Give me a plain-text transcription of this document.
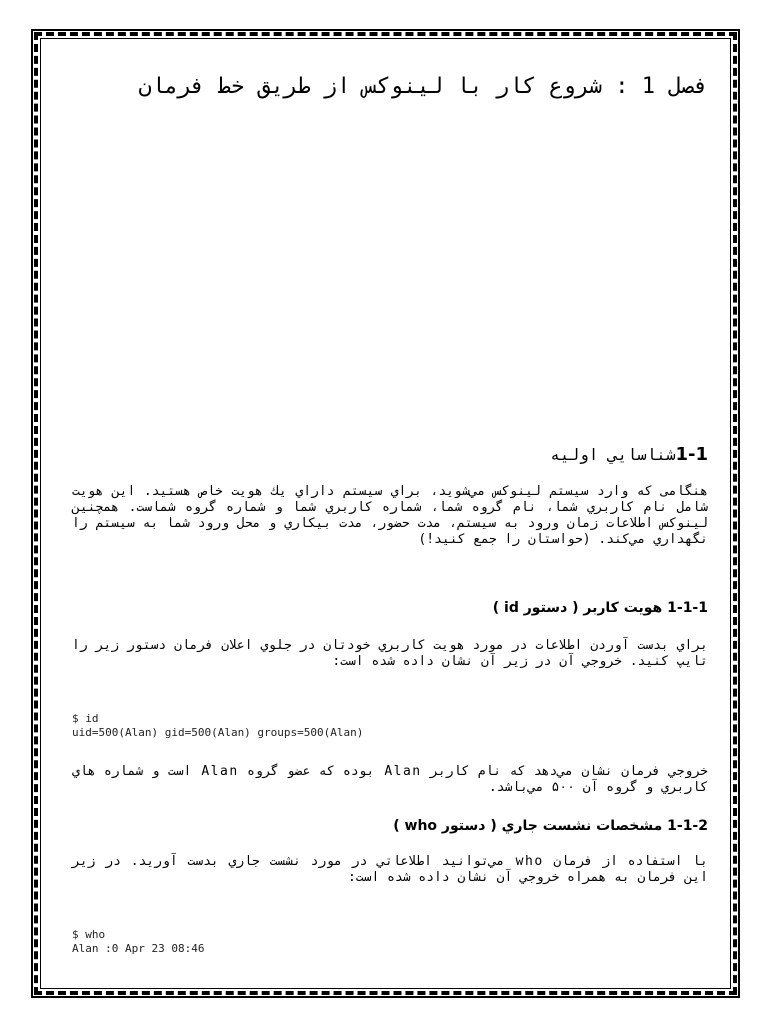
فصل 1 : شروع كار با لينوكس از طريق خط فرمان
1-1شناسايي اوليه

هنگامی كه وارد سيستم لينوكس مي‌شويد، براي سيستم داراي يك هويت خاص هستيد. اين هويت شامل نام كاربري شما، نام گروه شما، شماره كاربري شما و شماره گروه شماست. همچنين لينوكس اطلاعات زمان ورود به سيستم، مدت حضور، مدت بيكاري و محل ورود شما به سيستم را نگهداري مي‌كند. (حواستان را جمع كنيد!)

1-1-1 هويت كاربر ( دستور id )

براي بدست آوردن اطلاعات در مورد هويت كاربري خودتان در جلوي اعلان فرمان دستور زير را تايپ كنيد. خروجي آن در زير آن نشان داده شده است:

$ id
uid=500(Alan) gid=500(Alan) groups=500(Alan)

خروجي فرمان نشان مي‌دهد كه نام كاربر Alan بوده كه عضو گروه Alan است و شماره هاي كاربري و گروه آن ۵۰۰ مي‌باشد.

1-1-2 مشخصات نشست جاري ( دستور who )

با استفاده از فرمان who مي‌توانيد اطلاعاتي در مورد نشست جاري بدست آوريد. در زير اين فرمان به همراه خروجي آن نشان داده شده است:

$ who
Alan :0 Apr 23 08:46
